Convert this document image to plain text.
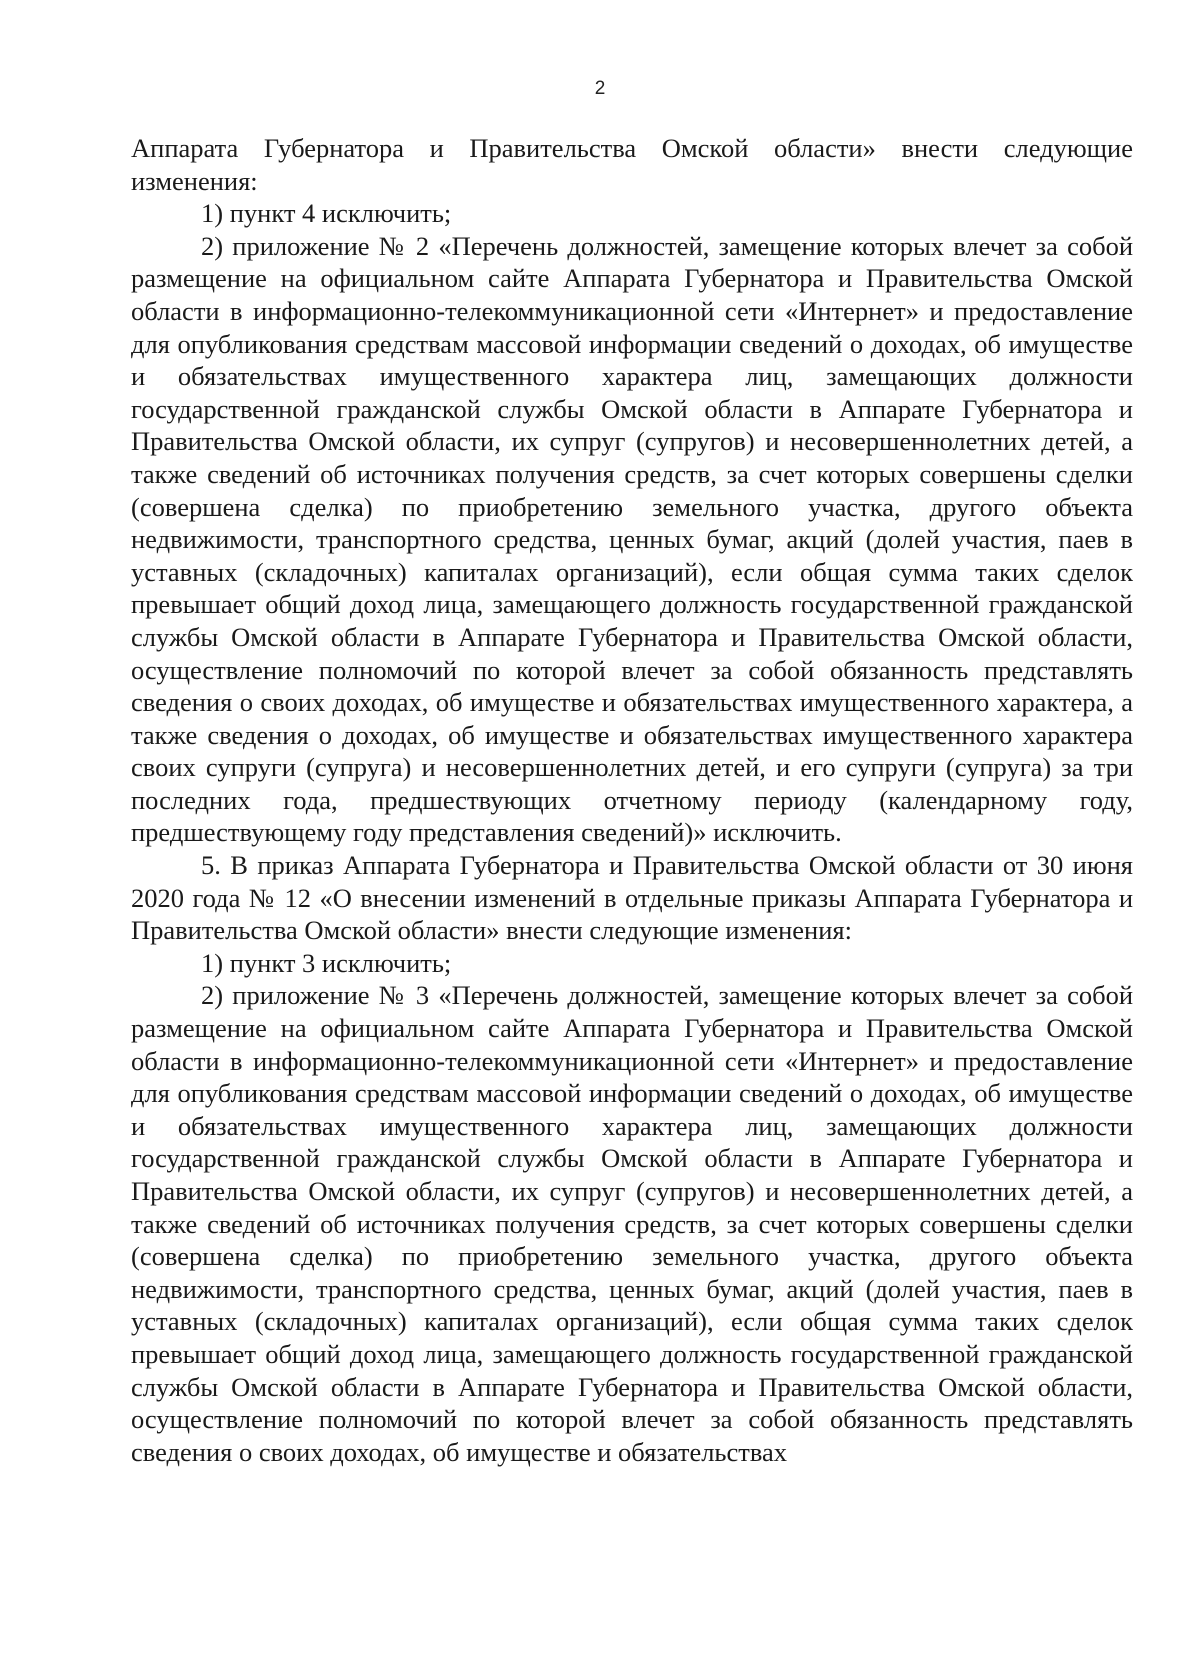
2

Аппарата Губернатора и Правительства Омской области» внести следующие изменения:

1) пункт 4 исключить;

2) приложение № 2 «Перечень должностей, замещение которых влечет за собой размещение на официальном сайте Аппарата Губернатора и Правительства Омской области в информационно-телекоммуникационной сети «Интернет» и предоставление для опубликования средствам массовой информации сведений о доходах, об имуществе и обязательствах имущественного характера лиц, замещающих должности государственной гражданской службы Омской области в Аппарате Губернатора и Правительства Омской области, их супруг (супругов) и несовершеннолетних детей, а также сведений об источниках получения средств, за счет которых совершены сделки (совершена сделка) по приобретению земельного участка, другого объекта недвижимости, транспортного средства, ценных бумаг, акций (долей участия, паев в уставных (складочных) капиталах организаций), если общая сумма таких сделок превышает общий доход лица, замещающего должность государственной гражданской службы Омской области в Аппарате Губернатора и Правительства Омской области, осуществление полномочий по которой влечет за собой обязанность представлять сведения о своих доходах, об имуществе и обязательствах имущественного характера, а также сведения о доходах, об имуществе и обязательствах имущественного характера своих супруги (супруга) и несовершеннолетних детей, и его супруги (супруга) за три последних года, предшествующих отчетному периоду (календарному году, предшествующему году представления сведений)» исключить.

5. В приказ Аппарата Губернатора и Правительства Омской области от 30 июня 2020 года № 12 «О внесении изменений в отдельные приказы Аппарата Губернатора и Правительства Омской области» внести следующие изменения:

1) пункт 3 исключить;

2) приложение № 3 «Перечень должностей, замещение которых влечет за собой размещение на официальном сайте Аппарата Губернатора и Правительства Омской области в информационно-телекоммуникационной сети «Интернет» и предоставление для опубликования средствам массовой информации сведений о доходах, об имуществе и обязательствах имущественного характера лиц, замещающих должности государственной гражданской службы Омской области в Аппарате Губернатора и Правительства Омской области, их супруг (супругов) и несовершеннолетних детей, а также сведений об источниках получения средств, за счет которых совершены сделки (совершена сделка) по приобретению земельного участка, другого объекта недвижимости, транспортного средства, ценных бумаг, акций (долей участия, паев в уставных (складочных) капиталах организаций), если общая сумма таких сделок превышает общий доход лица, замещающего должность государственной гражданской службы Омской области в Аппарате Губернатора и Правительства Омской области, осуществление полномочий по которой влечет за собой обязанность представлять сведения о своих доходах, об имуществе и обязательствах
